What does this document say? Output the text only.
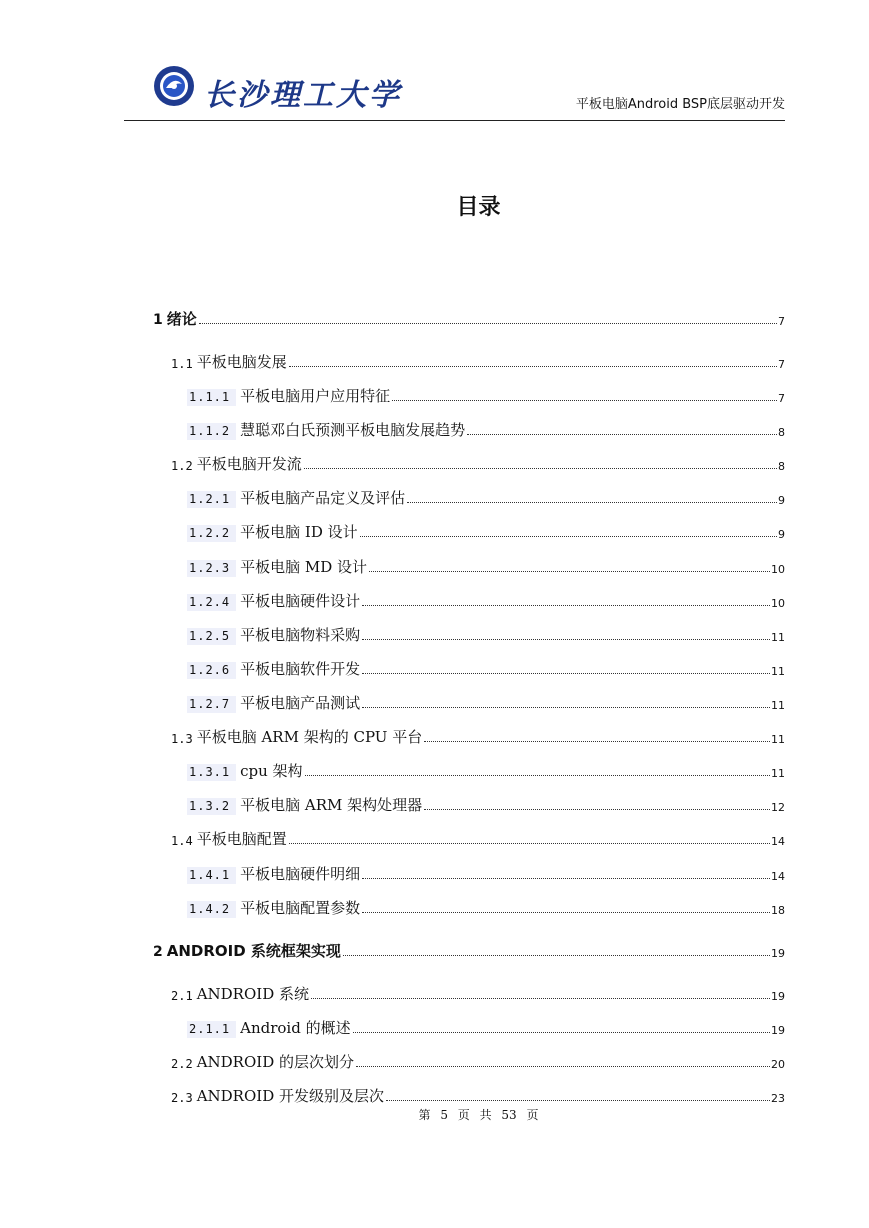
长沙理工大学	平板电脑Android BSP底层驱动开发
目录
1 绪论	7
1.1 平板电脑发展	7
1.1.1 平板电脑用户应用特征	7
1.1.2 慧聪邓白氏预测平板电脑发展趋势	8
1.2 平板电脑开发流	8
1.2.1 平板电脑产品定义及评估	9
1.2.2 平板电脑 ID 设计	9
1.2.3 平板电脑 MD 设计	10
1.2.4 平板电脑硬件设计	10
1.2.5 平板电脑物料采购	11
1.2.6 平板电脑软件开发	11
1.2.7 平板电脑产品测试	11
1.3 平板电脑 ARM 架构的 CPU 平台	11
1.3.1 cpu 架构	11
1.3.2 平板电脑 ARM 架构处理器	12
1.4 平板电脑配置	14
1.4.1 平板电脑硬件明细	14
1.4.2 平板电脑配置参数	18
2 ANDROID 系统框架实现	19
2.1 ANDROID 系统	19
2.1.1 Android 的概述	19
2.2 ANDROID 的层次划分	20
2.3 ANDROID 开发级别及层次	23
第 5 页 共 53 页
